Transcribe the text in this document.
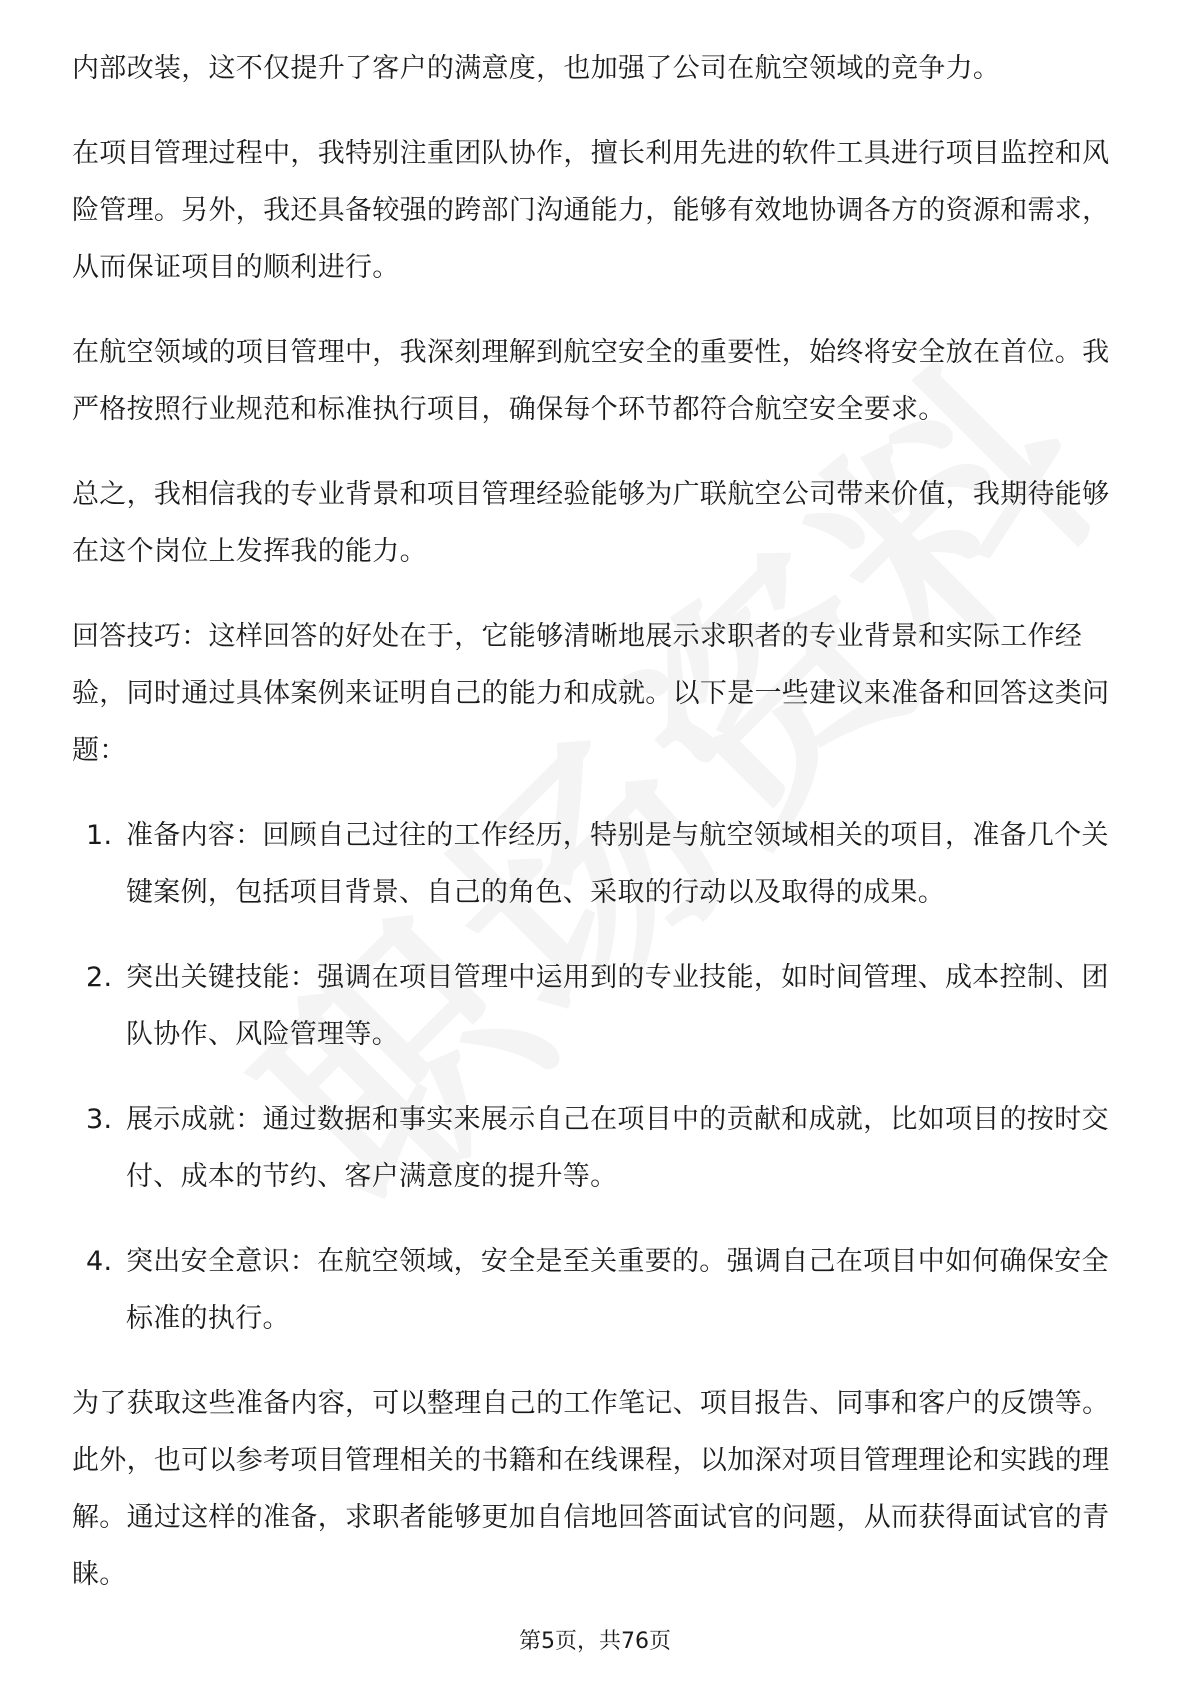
内部改装，这不仅提升了客户的满意度，也加强了公司在航空领域的竞争力。

在项目管理过程中，我特别注重团队协作，擅长利用先进的软件工具进行项目监控和风险管理。另外，我还具备较强的跨部门沟通能力，能够有效地协调各方的资源和需求，从而保证项目的顺利进行。

在航空领域的项目管理中，我深刻理解到航空安全的重要性，始终将安全放在首位。我严格按照行业规范和标准执行项目，确保每个环节都符合航空安全要求。

总之，我相信我的专业背景和项目管理经验能够为广联航空公司带来价值，我期待能够在这个岗位上发挥我的能力。

回答技巧：这样回答的好处在于，它能够清晰地展示求职者的专业背景和实际工作经验，同时通过具体案例来证明自己的能力和成就。以下是一些建议来准备和回答这类问题：

1. 准备内容：回顾自己过往的工作经历，特别是与航空领域相关的项目，准备几个关键案例，包括项目背景、自己的角色、采取的行动以及取得的成果。
2. 突出关键技能：强调在项目管理中运用到的专业技能，如时间管理、成本控制、团队协作、风险管理等。
3. 展示成就：通过数据和事实来展示自己在项目中的贡献和成就，比如项目的按时交付、成本的节约、客户满意度的提升等。
4. 突出安全意识：在航空领域，安全是至关重要的。强调自己在项目中如何确保安全标准的执行。

为了获取这些准备内容，可以整理自己的工作笔记、项目报告、同事和客户的反馈等。此外，也可以参考项目管理相关的书籍和在线课程，以加深对项目管理理论和实践的理解。通过这样的准备，求职者能够更加自信地回答面试官的问题，从而获得面试官的青睐。

第5页，共76页
